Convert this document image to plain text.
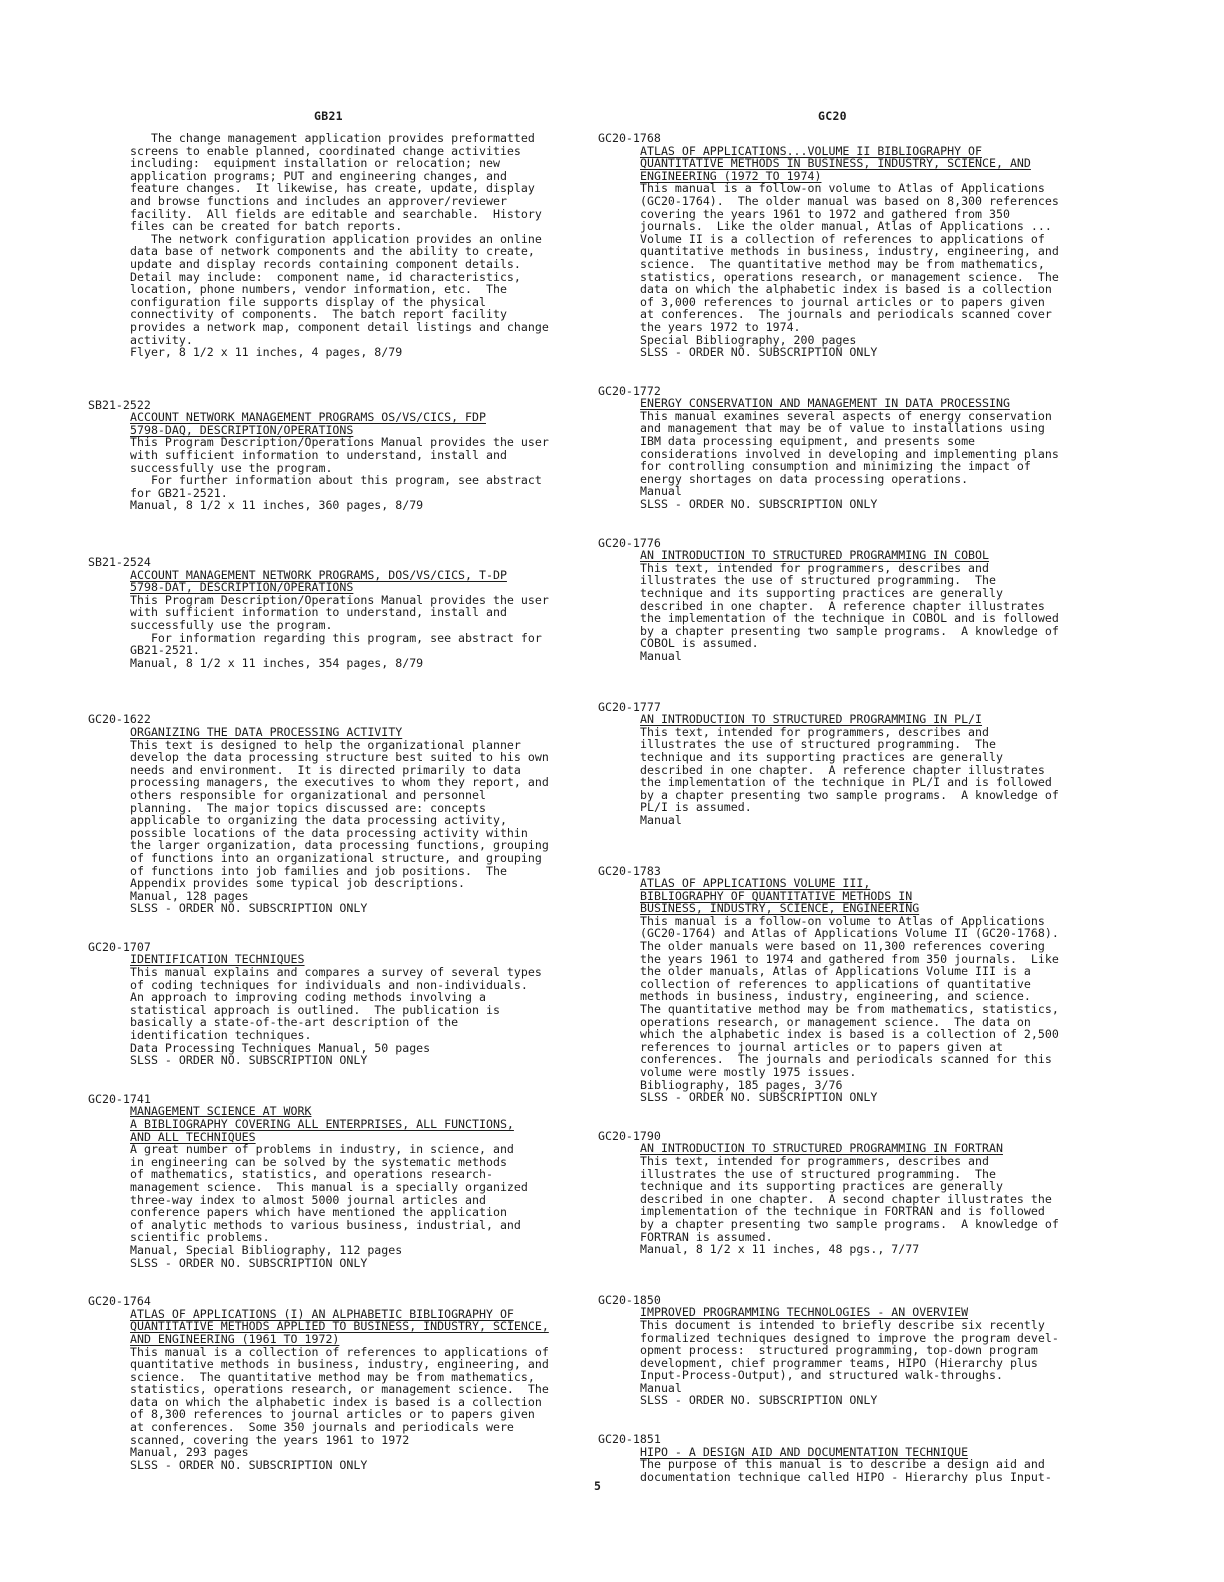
GB21	GC20
The change management application provides preformatted
screens to enable planned, coordinated change activities
including:  equipment installation or relocation; new
application programs; PUT and engineering changes, and
feature changes.  It likewise, has create, update, display
and browse functions and includes an approver/reviewer
facility.  All fields are editable and searchable.  History
files can be created for batch reports.
The network configuration application provides an online
data base of network components and the ability to create,
update and display records containing component details.
Detail may include:  component name, id characteristics,
location, phone numbers, vendor information, etc.  The
configuration file supports display of the physical
connectivity of components.  The batch report facility
provides a network map, component detail listings and change
activity.
Flyer, 8 1/2 x 11 inches, 4 pages, 8/79
SB21-2522
ACCOUNT NETWORK MANAGEMENT PROGRAMS OS/VS/CICS, FDP
5798-DAQ, DESCRIPTION/OPERATIONS
This Program Description/Operations Manual provides the user
with sufficient information to understand, install and
successfully use the program.
For further information about this program, see abstract
for GB21-2521.
Manual, 8 1/2 x 11 inches, 360 pages, 8/79
SB21-2524
ACCOUNT MANAGEMENT NETWORK PROGRAMS, DOS/VS/CICS, T-DP
5798-DAT, DESCRIPTION/OPERATIONS
This Program Description/Operations Manual provides the user
with sufficient information to understand, install and
successfully use the program.
For information regarding this program, see abstract for
GB21-2521.
Manual, 8 1/2 x 11 inches, 354 pages, 8/79
GC20-1622
ORGANIZING THE DATA PROCESSING ACTIVITY
This text is designed to help the organizational planner
develop the data processing structure best suited to his own
needs and environment.  It is directed primarily to data
processing managers, the executives to whom they report, and
others responsible for organizational and personnel
planning.  The major topics discussed are: concepts
applicable to organizing the data processing activity,
possible locations of the data processing activity within
the larger organization, data processing functions, grouping
of functions into an organizational structure, and grouping
of functions into job families and job positions.  The
Appendix provides some typical job descriptions.
Manual, 128 pages
SLSS - ORDER NO. SUBSCRIPTION ONLY
GC20-1707
IDENTIFICATION TECHNIQUES
This manual explains and compares a survey of several types
of coding techniques for individuals and non-individuals.
An approach to improving coding methods involving a
statistical approach is outlined.  The publication is
basically a state-of-the-art description of the
identification techniques.
Data Processing Techniques Manual, 50 pages
SLSS - ORDER NO. SUBSCRIPTION ONLY
GC20-1741
MANAGEMENT SCIENCE AT WORK
A BIBLIOGRAPHY COVERING ALL ENTERPRISES, ALL FUNCTIONS,
AND ALL TECHNIQUES
A great number of problems in industry, in science, and
in engineering can be solved by the systematic methods
of mathematics, statistics, and operations research-
management science.  This manual is a specially organized
three-way index to almost 5000 journal articles and
conference papers which have mentioned the application
of analytic methods to various business, industrial, and
scientific problems.
Manual, Special Bibliography, 112 pages
SLSS - ORDER NO. SUBSCRIPTION ONLY
GC20-1764
ATLAS OF APPLICATIONS (I) AN ALPHABETIC BIBLIOGRAPHY OF
QUANTITATIVE METHODS APPLIED TO BUSINESS, INDUSTRY, SCIENCE,
AND ENGINEERING (1961 TO 1972)
This manual is a collection of references to applications of
quantitative methods in business, industry, engineering, and
science.  The quantitative method may be from mathematics,
statistics, operations research, or management science.  The
data on which the alphabetic index is based is a collection
of 8,300 references to journal articles or to papers given
at conferences.  Some 350 journals and periodicals were
scanned, covering the years 1961 to 1972
Manual, 293 pages
SLSS - ORDER NO. SUBSCRIPTION ONLY
GC20-1768
ATLAS OF APPLICATIONS...VOLUME II BIBLIOGRAPHY OF
QUANTITATIVE METHODS IN BUSINESS, INDUSTRY, SCIENCE, AND
ENGINEERING (1972 TO 1974)
This manual is a follow-on volume to Atlas of Applications
(GC20-1764).  The older manual was based on 8,300 references
covering the years 1961 to 1972 and gathered from 350
journals.  Like the older manual, Atlas of Applications ...
Volume II is a collection of references to applications of
quantitative methods in business, industry, engineering, and
science.  The quantitative method may be from mathematics,
statistics, operations research, or management science.  The
data on which the alphabetic index is based is a collection
of 3,000 references to journal articles or to papers given
at conferences.  The journals and periodicals scanned cover
the years 1972 to 1974.
Special Bibliography, 200 pages
SLSS - ORDER NO. SUBSCRIPTION ONLY
GC20-1772
ENERGY CONSERVATION AND MANAGEMENT IN DATA PROCESSING
This manual examines several aspects of energy conservation
and management that may be of value to installations using
IBM data processing equipment, and presents some
considerations involved in developing and implementing plans
for controlling consumption and minimizing the impact of
energy shortages on data processing operations.
Manual
SLSS - ORDER NO. SUBSCRIPTION ONLY
GC20-1776
AN INTRODUCTION TO STRUCTURED PROGRAMMING IN COBOL
This text, intended for programmers, describes and
illustrates the use of structured programming.  The
technique and its supporting practices are generally
described in one chapter.  A reference chapter illustrates
the implementation of the technique in COBOL and is followed
by a chapter presenting two sample programs.  A knowledge of
COBOL is assumed.
Manual
GC20-1777
AN INTRODUCTION TO STRUCTURED PROGRAMMING IN PL/I
This text, intended for programmers, describes and
illustrates the use of structured programming.  The
technique and its supporting practices are generally
described in one chapter.  A reference chapter illustrates
the implementation of the technique in PL/I and is followed
by a chapter presenting two sample programs.  A knowledge of
PL/I is assumed.
Manual
GC20-1783
ATLAS OF APPLICATIONS VOLUME III,
BIBLIOGRAPHY OF QUANTITATIVE METHODS IN
BUSINESS, INDUSTRY, SCIENCE, ENGINEERING
This manual is a follow-on volume to Atlas of Applications
(GC20-1764) and Atlas of Applications Volume II (GC20-1768).
The older manuals were based on 11,300 references covering
the years 1961 to 1974 and gathered from 350 journals.  Like
the older manuals, Atlas of Applications Volume III is a
collection of references to applications of quantitative
methods in business, industry, engineering, and science.
The quantitative method may be from mathematics, statistics,
operations research, or management science.  The data on
which the alphabetic index is based is a collection of 2,500
references to journal articles or to papers given at
conferences.  The journals and periodicals scanned for this
volume were mostly 1975 issues.
Bibliography, 185 pages, 3/76
SLSS - ORDER NO. SUBSCRIPTION ONLY
GC20-1790
AN INTRODUCTION TO STRUCTURED PROGRAMMING IN FORTRAN
This text, intended for programmers, describes and
illustrates the use of structured programming.  The
technique and its supporting practices are generally
described in one chapter.  A second chapter illustrates the
implementation of the technique in FORTRAN and is followed
by a chapter presenting two sample programs.  A knowledge of
FORTRAN is assumed.
Manual, 8 1/2 x 11 inches, 48 pgs., 7/77
GC20-1850
IMPROVED PROGRAMMING TECHNOLOGIES - AN OVERVIEW
This document is intended to briefly describe six recently
formalized techniques designed to improve the program devel-
opment process:  structured programming, top-down program
development, chief programmer teams, HIPO (Hierarchy plus
Input-Process-Output), and structured walk-throughs.
Manual
SLSS - ORDER NO. SUBSCRIPTION ONLY
GC20-1851
HIPO - A DESIGN AID AND DOCUMENTATION TECHNIQUE
The purpose of this manual is to describe a design aid and
documentation technique called HIPO - Hierarchy plus Input-
5
